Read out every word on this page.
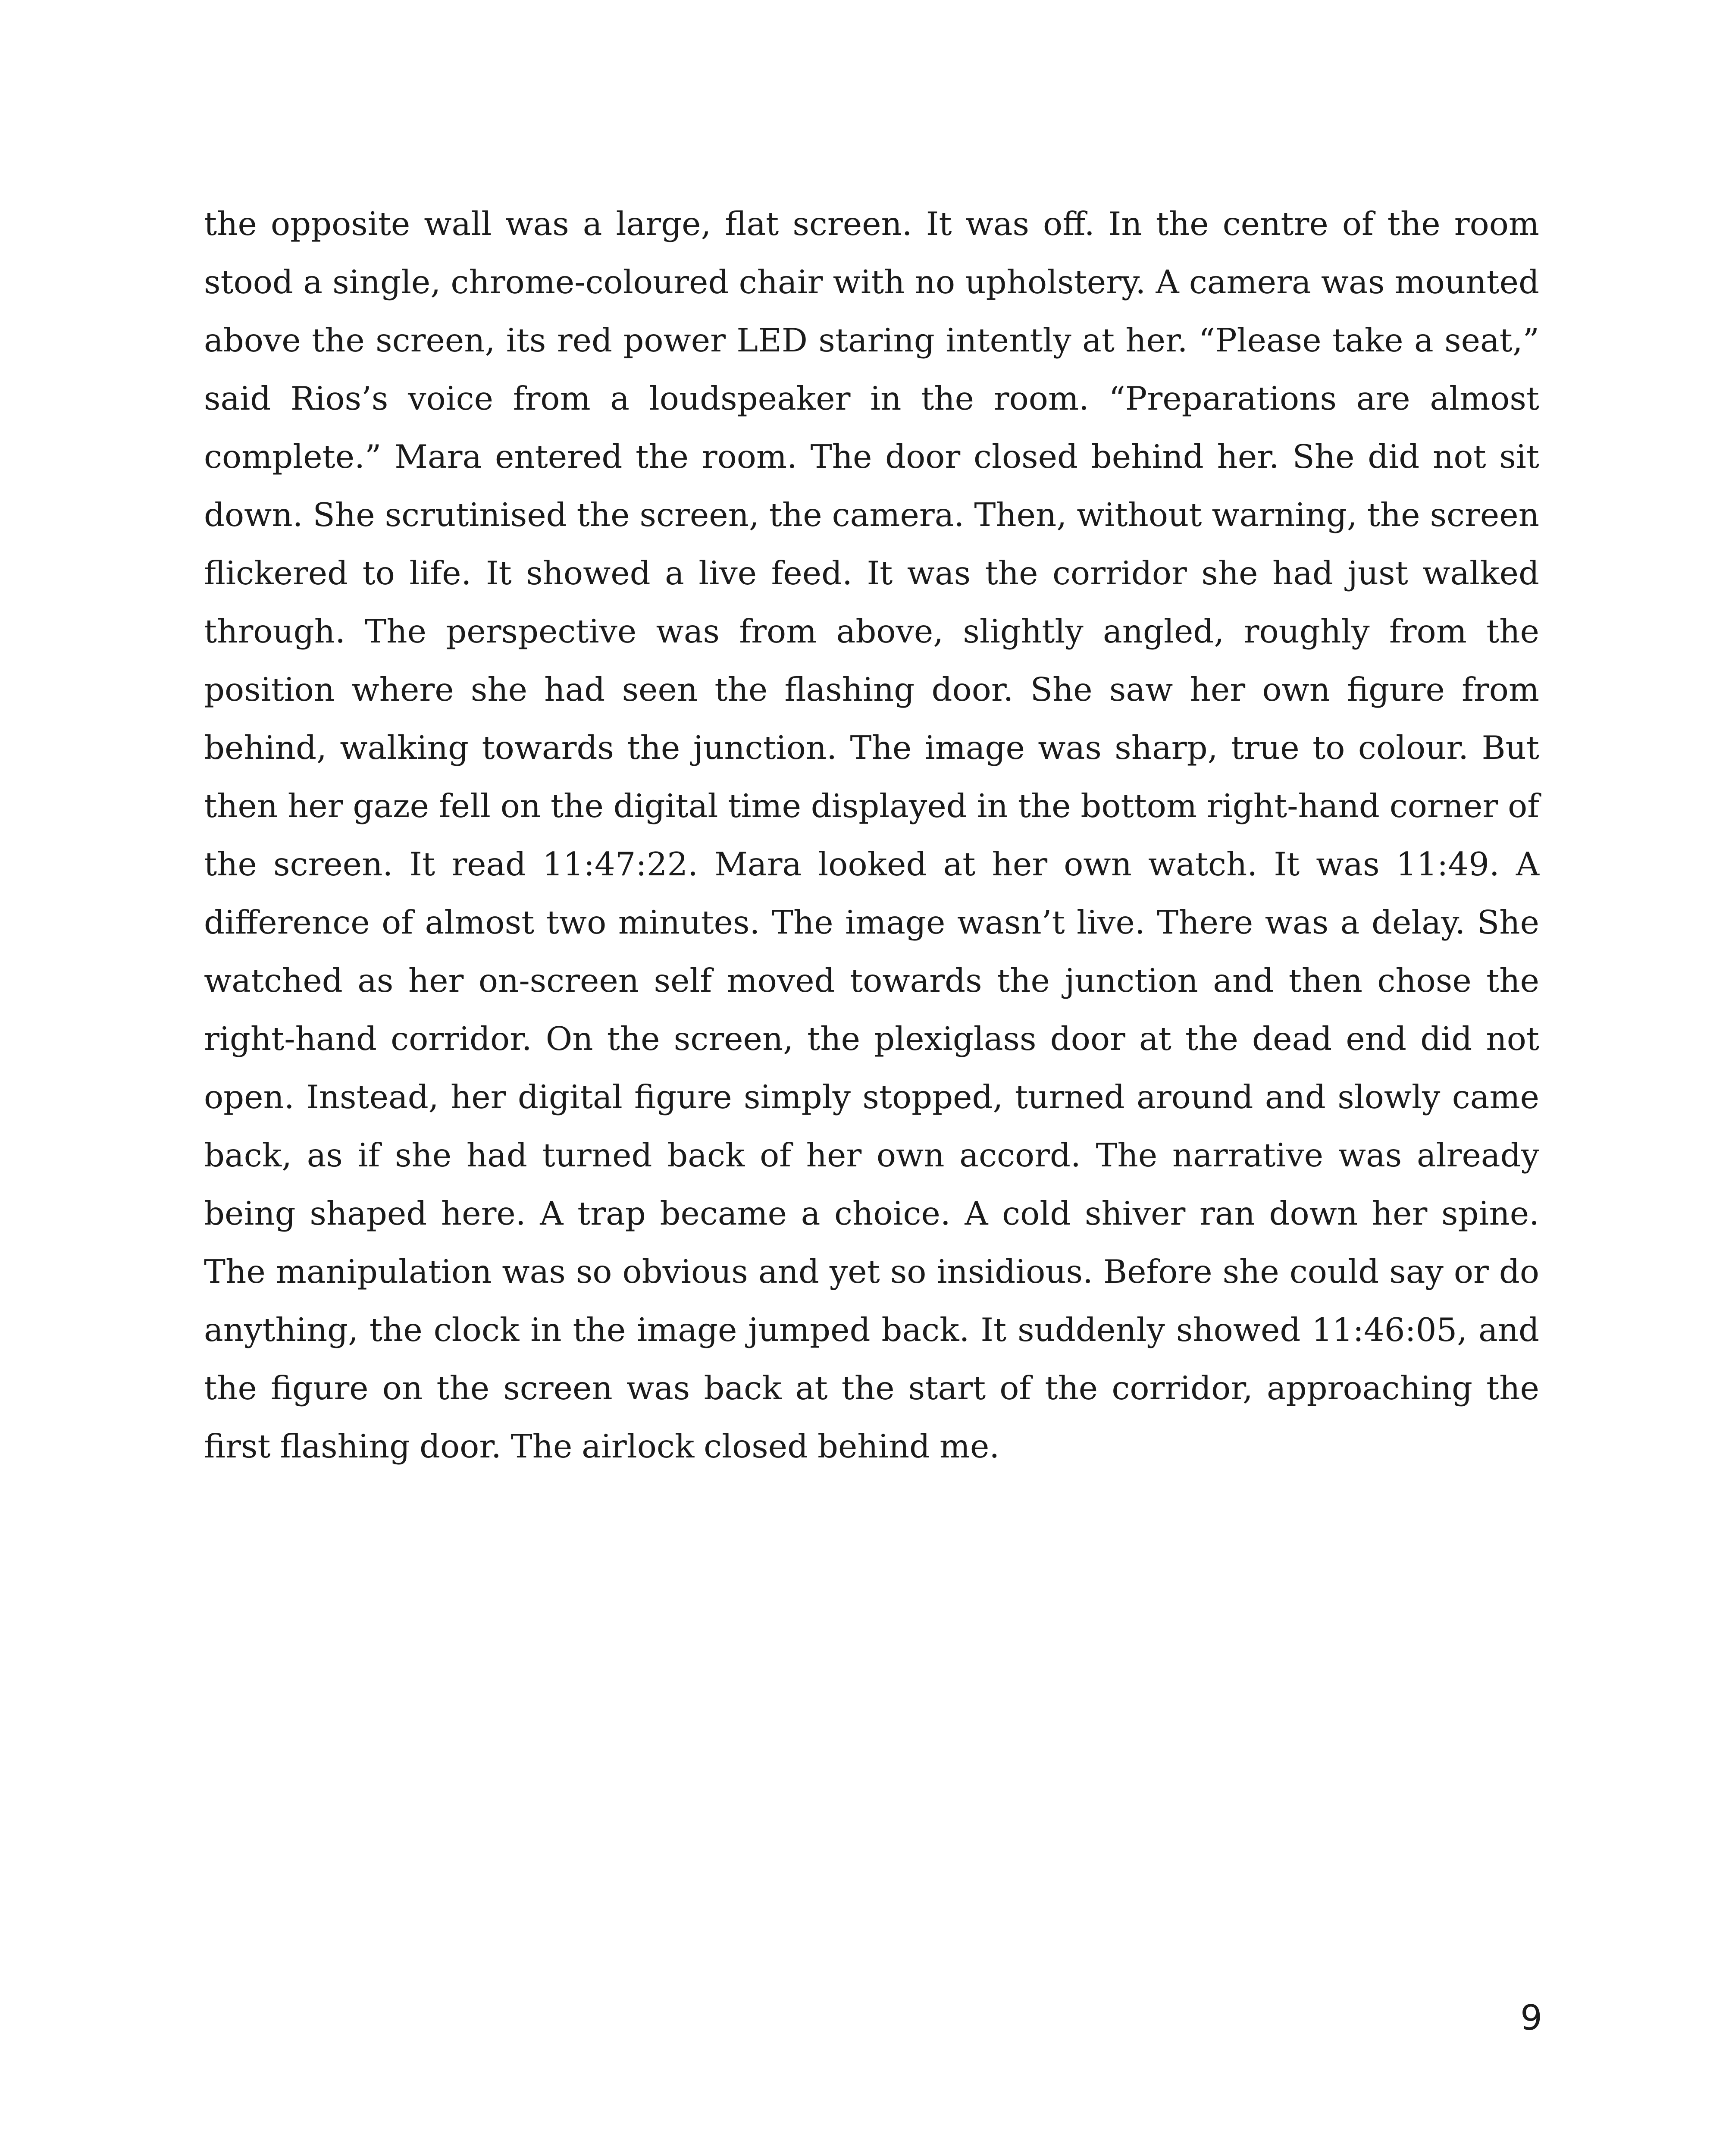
the opposite wall was a large, flat screen. It was off. In the centre of the room stood a single, chrome-coloured chair with no upholstery. A camera was mounted above the screen, its red power LED staring intently at her. “Please take a seat,” said Rios’s voice from a loudspeaker in the room. “Preparations are almost complete.” Mara entered the room. The door closed behind her. She did not sit down. She scrutinised the screen, the camera. Then, without warning, the screen flickered to life. It showed a live feed. It was the corridor she had just walked through. The perspective was from above, slightly angled, roughly from the position where she had seen the flashing door. She saw her own figure from behind, walking towards the junction. The image was sharp, true to colour. But then her gaze fell on the digital time displayed in the bottom right-hand corner of the screen. It read 11:47:22. Mara looked at her own watch. It was 11:49. A difference of almost two minutes. The image wasn’t live. There was a delay. She watched as her on-screen self moved towards the junction and then chose the right-hand corridor. On the screen, the plexiglass door at the dead end did not open. Instead, her digital figure simply stopped, turned around and slowly came back, as if she had turned back of her own accord. The narrative was already being shaped here. A trap became a choice. A cold shiver ran down her spine. The manipulation was so obvious and yet so insidious. Before she could say or do anything, the clock in the image jumped back. It suddenly showed 11:46:05, and the figure on the screen was back at the start of the corridor, approaching the first flashing door. The airlock closed behind me.

9
